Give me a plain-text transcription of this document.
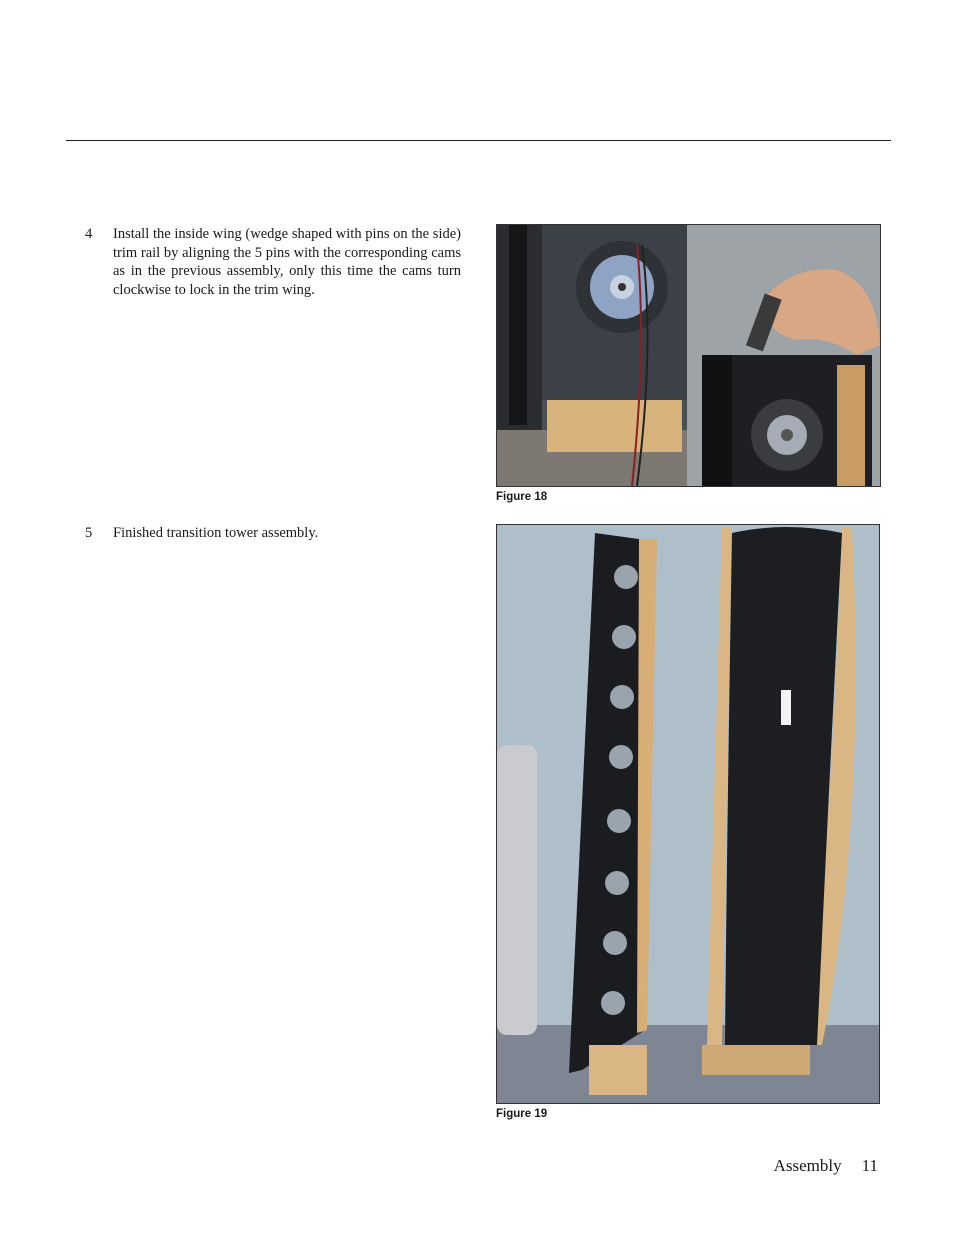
4 Install the inside wing (wedge shaped with pins on the side) trim rail by aligning the 5 pins with the corresponding cams as in the previous assembly, only this time the cams turn clockwise to lock in the trim wing.
Figure 18
5 Finished transition tower assembly.
Figure 19
Assembly 11
